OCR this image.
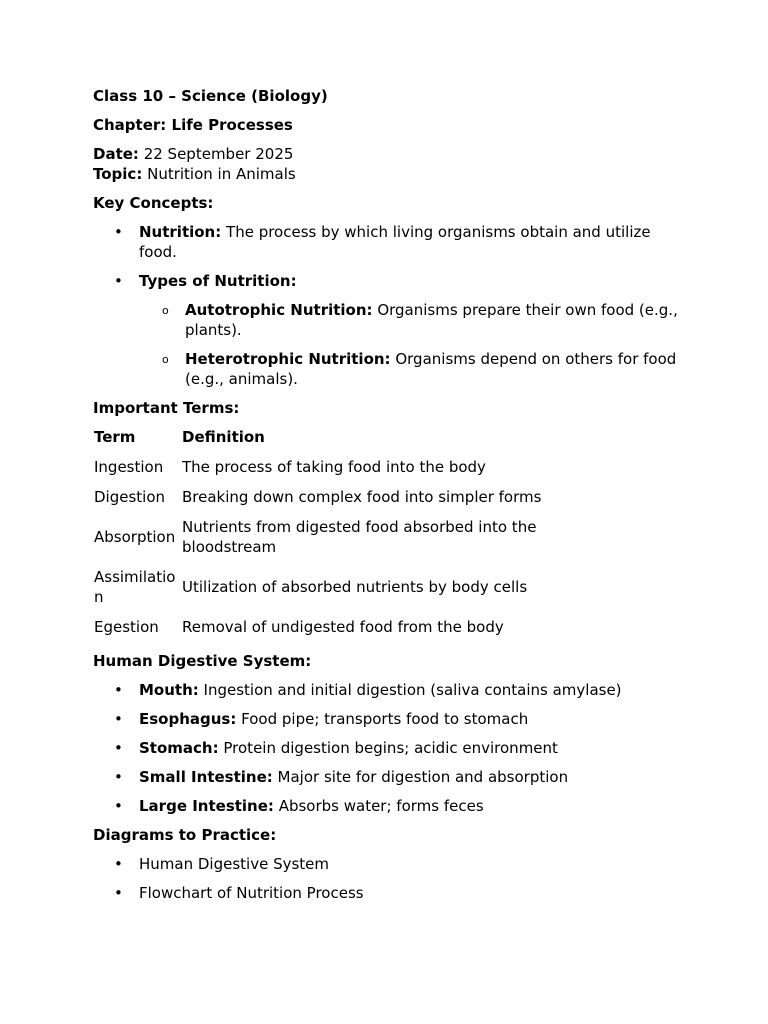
Class 10 – Science (Biology)

Chapter: Life Processes

Date: 22 September 2025

Topic: Nutrition in Animals

Key Concepts:

• Nutrition: The process by which living organisms obtain and utilize food.
• Types of Nutrition:
o Autotrophic Nutrition: Organisms prepare their own food (e.g., plants).
o Heterotrophic Nutrition: Organisms depend on others for food (e.g., animals).

Important Terms:

Term	Definition
Ingestion	The process of taking food into the body
Digestion	Breaking down complex food into simpler forms
Absorption	Nutrients from digested food absorbed into the bloodstream
Assimilation	Utilization of absorbed nutrients by body cells
Egestion	Removal of undigested food from the body

Human Digestive System:

• Mouth: Ingestion and initial digestion (saliva contains amylase)
• Esophagus: Food pipe; transports food to stomach
• Stomach: Protein digestion begins; acidic environment
• Small Intestine: Major site for digestion and absorption
• Large Intestine: Absorbs water; forms feces

Diagrams to Practice:

• Human Digestive System
• Flowchart of Nutrition Process
